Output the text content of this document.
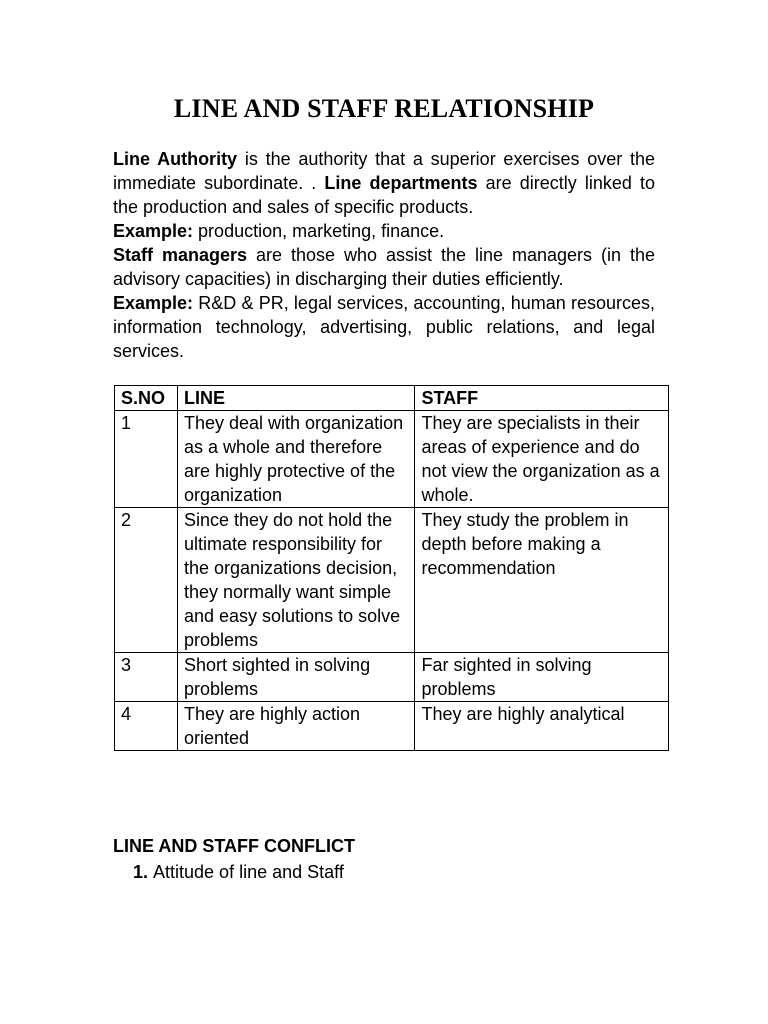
LINE AND STAFF RELATIONSHIP

Line Authority is the authority that a superior exercises over the immediate subordinate. . Line departments are directly linked to the production and sales of specific products.

Example: production, marketing, finance.

Staff managers are those who assist the line managers (in the advisory capacities) in discharging their duties efficiently.

Example: R&D & PR, legal services, accounting, human resources, information technology, advertising, public relations, and legal services.

S.NO	LINE	STAFF
1	They deal with organization as a whole and therefore are highly protective of the organization	They are specialists in their areas of experience and do not view the organization as a whole.
2	Since they do not hold the ultimate responsibility for the organizations decision, they normally want simple and easy solutions to solve problems	They study the problem in depth before making a recommendation
3	Short sighted in solving problems	Far sighted in solving problems
4	They are highly action oriented	They are highly analytical
LINE AND STAFF CONFLICT
1. Attitude of line and Staff
